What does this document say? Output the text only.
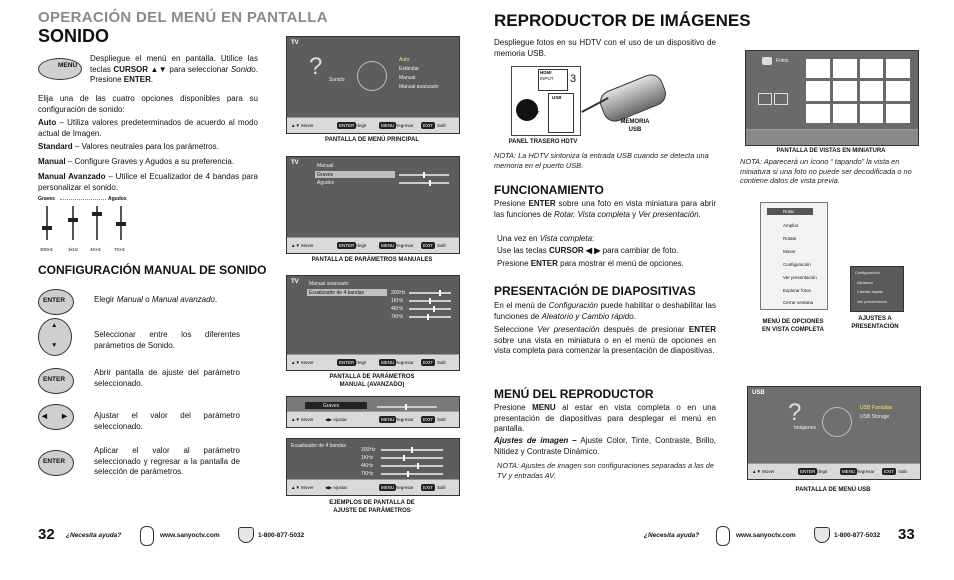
OPERACIÓN DEL MENÚ EN PANTALLA
SONIDO
MENU
Despliegue el menú en pantalla. Utilice las teclas CURSOR ▲▼ para seleccionar Sonido. Presione ENTER.
Elija una de las cuatro opciones disponibles para su configuración de sonido:
Auto – Utiliza valores predeterminados de acuerdo al modo actual de Imagen.
Standard – Valores neutrales para los parámetros.
Manual – Configure Graves y Agudos a su preferencia.
Manual Avanzado – Utilice el Ecualizador de 4 bandas para personalizar el sonido.
Graves	Agudos
300Hz	1kHz	4KHz	7KHz
CONFIGURACIÓN MANUAL DE SONIDO
ENTER	Elegir Manual o Manual avanzado.
▲
▼
Seleccionar entre los diferentes parámetros de Sonido.
ENTER
Abrir pantalla de ajuste del parámetro seleccionado.
◀ ▶	Ajustar el valor del parámetro seleccionado.
ENTER
Aplicar el valor al parámetro seleccionado y regresar a la pantalla de selección de parámetros.
TV
? Sonido
Auto
Estándar
Manual
Manual avanzado
▲▼ Mover	ENTER Elegir	MENU Regresar	EXIT Salir
PANTALLA DE MENÚ PRINCIPAL
TV	Manual
Graves
Agudos
▲▼ Mover	ENTER Elegir	MENU Regresar	EXIT Salir
PANTALLA DE PARÁMETROS MANUALES
TV Manual avanzado
Ecualizador de 4 bandas	300Hz
1KHz
4KHz
7KHz
▲▼ Mover	ENTER Elegir	MENU Regresar	EXIT Salir
PANTALLA DE PARÁMETROS
MANUAL (AVANZADO)
Graves
▲▼ Mover	◀▶ Ajustar	MENU Regresar	EXIT Salir
Ecualizador de 4 bandas
300Hz
1KHz
4KHz
7KHz
▲▼ Mover	◀▶ Ajustar	MENU Regresar	EXIT Salir
EJEMPLOS DE PANTALLA DE
AJUSTE DE PARÁMETROS
32 ¿Necesita ayuda?	www.sanyoctv.com	1-800-877-5032
REPRODUCTOR DE IMÁGENES
Despliegue fotos en su HDTV con el uso de un dispositivo de memoria USB.
HDMI
INPUT 3
USB
ANT
PANEL TRASERO HDTV
MEMORIA
USB
NOTA: La HDTV sintoniza la entrada USB cuando se detecta una memoria en el puerto USB.
Fotos
PANTALLA DE VISTAS EN MINIATURA
NOTA: Aparecerá un ícono “ tapando” la vista en miniatura si una foto no puede ser decodificada o no contiene datos de vista previa.
FUNCIONAMIENTO
Presione ENTER sobre una foto en vista miniatura para abrir las funciones de Rotar, Vista completa y Ver presentación.
Una vez en Vista completa:
Use las teclas CURSOR ◀ ▶ para cambiar de foto.
Presione ENTER para mostrar el menú de opciones.
Rotar
Ampliar
Rotate
Mover
Configuración
Ver presentación
Explorar fotos
Cerrar ventana
Configuración
Aleatorio
Cambio rápido
Ver presentación
MENÚ DE OPCIONES
EN VISTA COMPLETA
AJUSTES A
PRESENTACIÓN
PRESENTACIÓN DE DIAPOSITIVAS
En el menú de Configuración puede habilitar o deshabilitar las funciones de Aleatorio y Cambio rápido.
Seleccione Ver presentación después de presionar ENTER sobre una vista en miniatura o en el menú de opciones en vista completa para comenzar la presentación de diapositivas.
MENÚ DEL REPRODUCTOR
Presione MENU al estar en vista completa o en una presentación de diapositivas para desplegar el menú en pantalla.
Ajustes de imagen – Ajuste Color, Tinte, Contraste, Brillo, Nitidez y Contraste Dinámico.
NOTA: Ajustes de imagen son configuraciones separadas a las de TV y entradas AV.
USB
?
Imágenes
USB Pantallas
USB Storage
▲▼ Mover	ENTER Elegir	MENU Regresar	EXIT Salir
PANTALLA DE MENÚ USB
¿Necesita ayuda?	www.sanyoctv.com	1-800-877-5032 33
